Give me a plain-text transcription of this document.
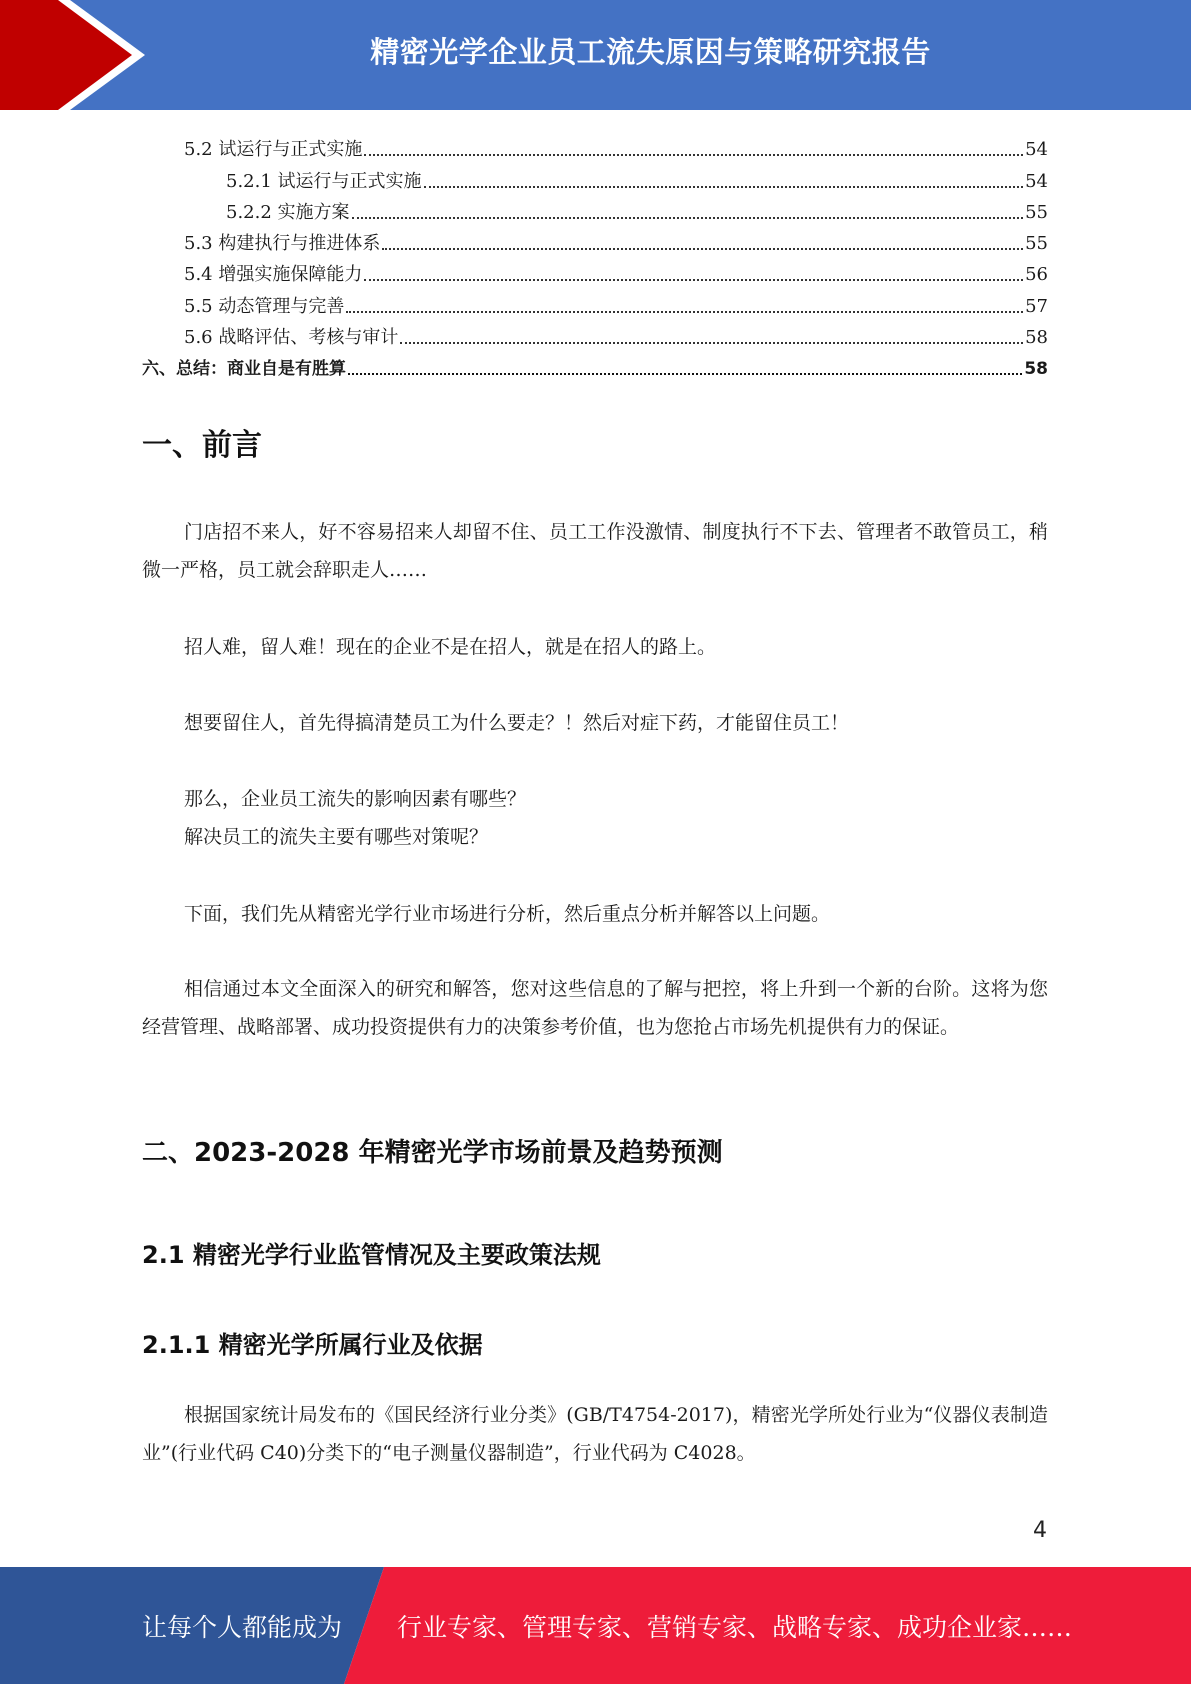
精密光学企业员工流失原因与策略研究报告
5.2 试运行与正式实施	54
5.2.1 试运行与正式实施	54
5.2.2 实施方案	55
5.3 构建执行与推进体系	55
5.4 增强实施保障能力	56
5.5 动态管理与完善	57
5.6 战略评估、考核与审计	58
六、总结：商业自是有胜算	58
一、前言

门店招不来人，好不容易招来人却留不住、员工工作没激情、制度执行不下去、管理者不敢管员工，稍微一严格，员工就会辞职走人……

招人难，留人难！现在的企业不是在招人，就是在招人的路上。

想要留住人，首先得搞清楚员工为什么要走？！然后对症下药，才能留住员工！

那么，企业员工流失的影响因素有哪些？

解决员工的流失主要有哪些对策呢？

下面，我们先从精密光学行业市场进行分析，然后重点分析并解答以上问题。

相信通过本文全面深入的研究和解答，您对这些信息的了解与把控，将上升到一个新的台阶。这将为您经营管理、战略部署、成功投资提供有力的决策参考价值，也为您抢占市场先机提供有力的保证。

二、2023-2028 年精密光学市场前景及趋势预测
2.1 精密光学行业监管情况及主要政策法规
2.1.1 精密光学所属行业及依据

根据国家统计局发布的《国民经济行业分类》(GB/T4754-2017)，精密光学所处行业为“仪器仪表制造业”(行业代码 C40)分类下的“电子测量仪器制造”，行业代码为 C4028。

4
让每个人都能成为 行业专家、管理专家、营销专家、战略专家、成功企业家……
